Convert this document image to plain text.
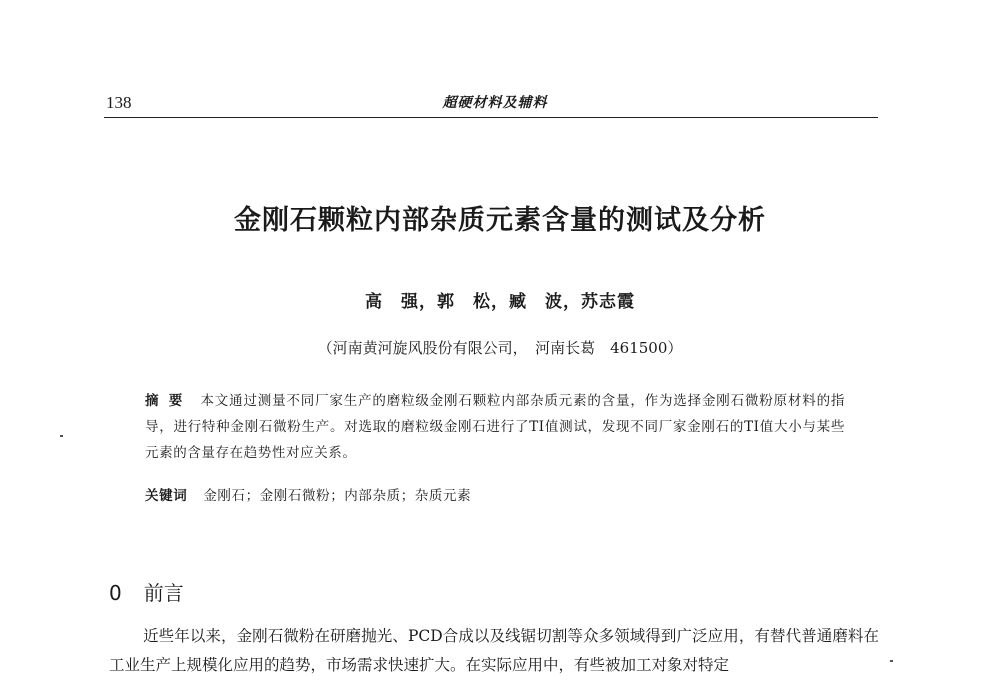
138	超硬材料及辅料
金刚石颗粒内部杂质元素含量的测试及分析
高　强，郭　松，臧　波，苏志霞
（河南黄河旋风股份有限公司，　河南长葛　461500）
摘要 本文通过测量不同厂家生产的磨粒级金刚石颗粒内部杂质元素的含量，作为选择金刚石微粉原材料的指导，进行特种金刚石微粉生产。对选取的磨粒级金刚石进行了TI值测试，发现不同厂家金刚石的TI值大小与某些元素的含量存在趋势性对应关系。
关键词 金刚石；金刚石微粉；内部杂质；杂质元素
0 前言
近些年以来，金刚石微粉在研磨抛光、PCD合成以及线锯切割等众多领域得到广泛应用，有替代普通磨料在工业生产上规模化应用的趋势，市场需求快速扩大。在实际应用中，有些被加工对象对特定
